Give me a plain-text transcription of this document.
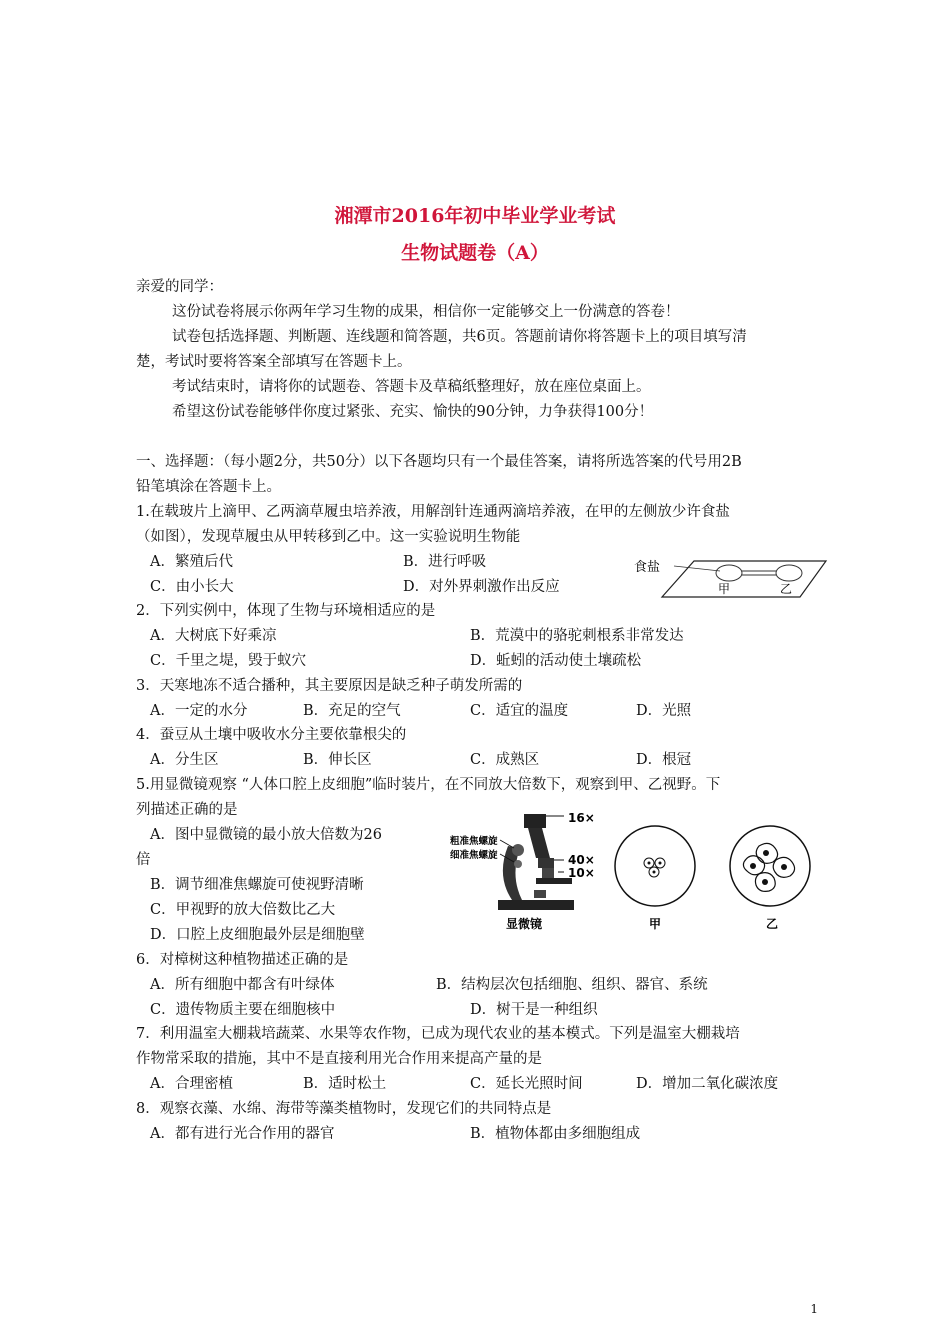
湘潭市2016年初中毕业学业考试
生物试题卷（A）
亲爱的同学：
这份试卷将展示你两年学习生物的成果，相信你一定能够交上一份满意的答卷！
试卷包括选择题、判断题、连线题和简答题，共6页。答题前请你将答题卡上的项目填写清
楚，考试时要将答案全部填写在答题卡上。
考试结束时，请将你的试题卷、答题卡及草稿纸整理好，放在座位桌面上。
希望这份试卷能够伴你度过紧张、充实、愉快的90分钟，力争获得100分！
一、选择题：（每小题2分，共50分）以下各题均只有一个最佳答案，请将所选答案的代号用2B
铅笔填涂在答题卡上。
1.在载玻片上滴甲、乙两滴草履虫培养液，用解剖针连通两滴培养液，在甲的左侧放少许食盐
（如图），发现草履虫从甲转移到乙中。这一实验说明生物能
A．繁殖后代	B．进行呼吸
C．由小长大	D．对外界刺激作出反应
食盐
甲	乙
2．下列实例中，体现了生物与环境相适应的是
A．大树底下好乘凉	B．荒漠中的骆驼刺根系非常发达
C．千里之堤，毁于蚁穴	D．蚯蚓的活动使土壤疏松
3．天寒地冻不适合播种，其主要原因是缺乏种子萌发所需的
A．一定的水分	B．充足的空气	C．适宜的温度	D．光照
4．蚕豆从土壤中吸收水分主要依靠根尖的
A．分生区	B．伸长区	C．成熟区	D．根冠
5.用显微镜观察 “人体口腔上皮细胞”临时装片，在不同放大倍数下，观察到甲、乙视野。下
列描述正确的是
A．图中显微镜的最小放大倍数为26
倍
B．调节细准焦螺旋可使视野清晰
C．甲视野的放大倍数比乙大
D．口腔上皮细胞最外层是细胞壁
16×
40×
10×
粗准焦螺旋
细准焦螺旋
显微镜	甲	乙
6．对樟树这种植物描述正确的是
A．所有细胞中都含有叶绿体	B．结构层次包括细胞、组织、器官、系统
C．遗传物质主要在细胞核中	D．树干是一种组织
7．利用温室大棚栽培蔬菜、水果等农作物，已成为现代农业的基本模式。下列是温室大棚栽培
作物常采取的措施，其中不是直接利用光合作用来提高产量的是
A．合理密植	B．适时松土	C．延长光照时间	D．增加二氧化碳浓度
8．观察衣藻、水绵、海带等藻类植物时，发现它们的共同特点是
A．都有进行光合作用的器官	B．植物体都由多细胞组成
1
